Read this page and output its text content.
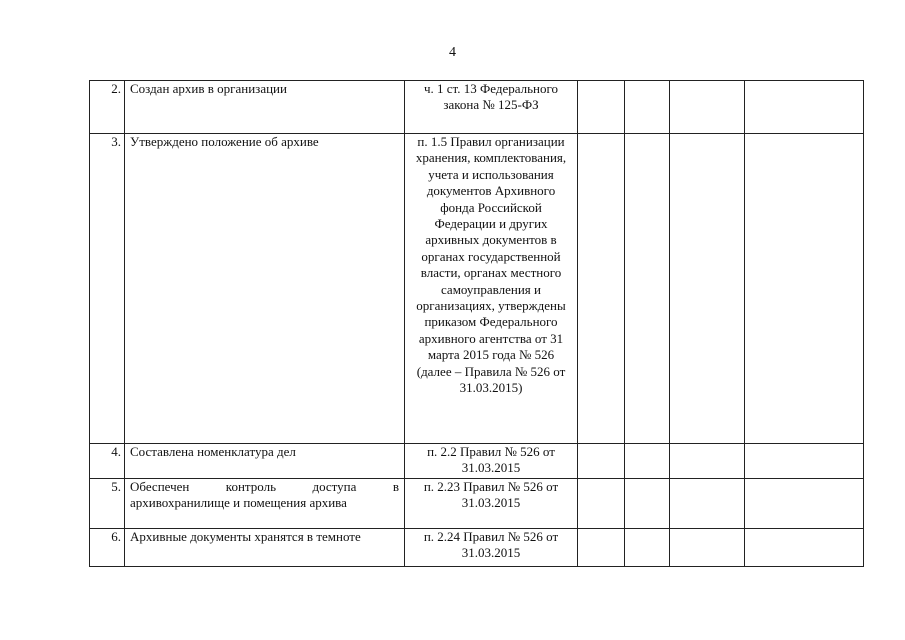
4
2.	Создан архив в организации	ч. 1 ст. 13 Федерального закона № 125-ФЗ				
3.	Утверждено положение об архиве	п. 1.5 Правил организации хранения, комплектования, учета и использования документов Архивного фонда Российской Федерации и других архивных документов в органах государственной власти, органах местного самоуправления и организациях, утверждены приказом Федерального архивного агентства от 31 марта 2015 года № 526 (далее – Правила № 526 от 31.03.2015)				
4.	Составлена номенклатура дел	п. 2.2 Правил № 526 от 31.03.2015				
5.	Обеспечен контроль доступа в архивохранилище и помещения архива	п. 2.23 Правил № 526 от 31.03.2015				
6.	Архивные документы хранятся в темноте	п. 2.24 Правил № 526 от 31.03.2015				
